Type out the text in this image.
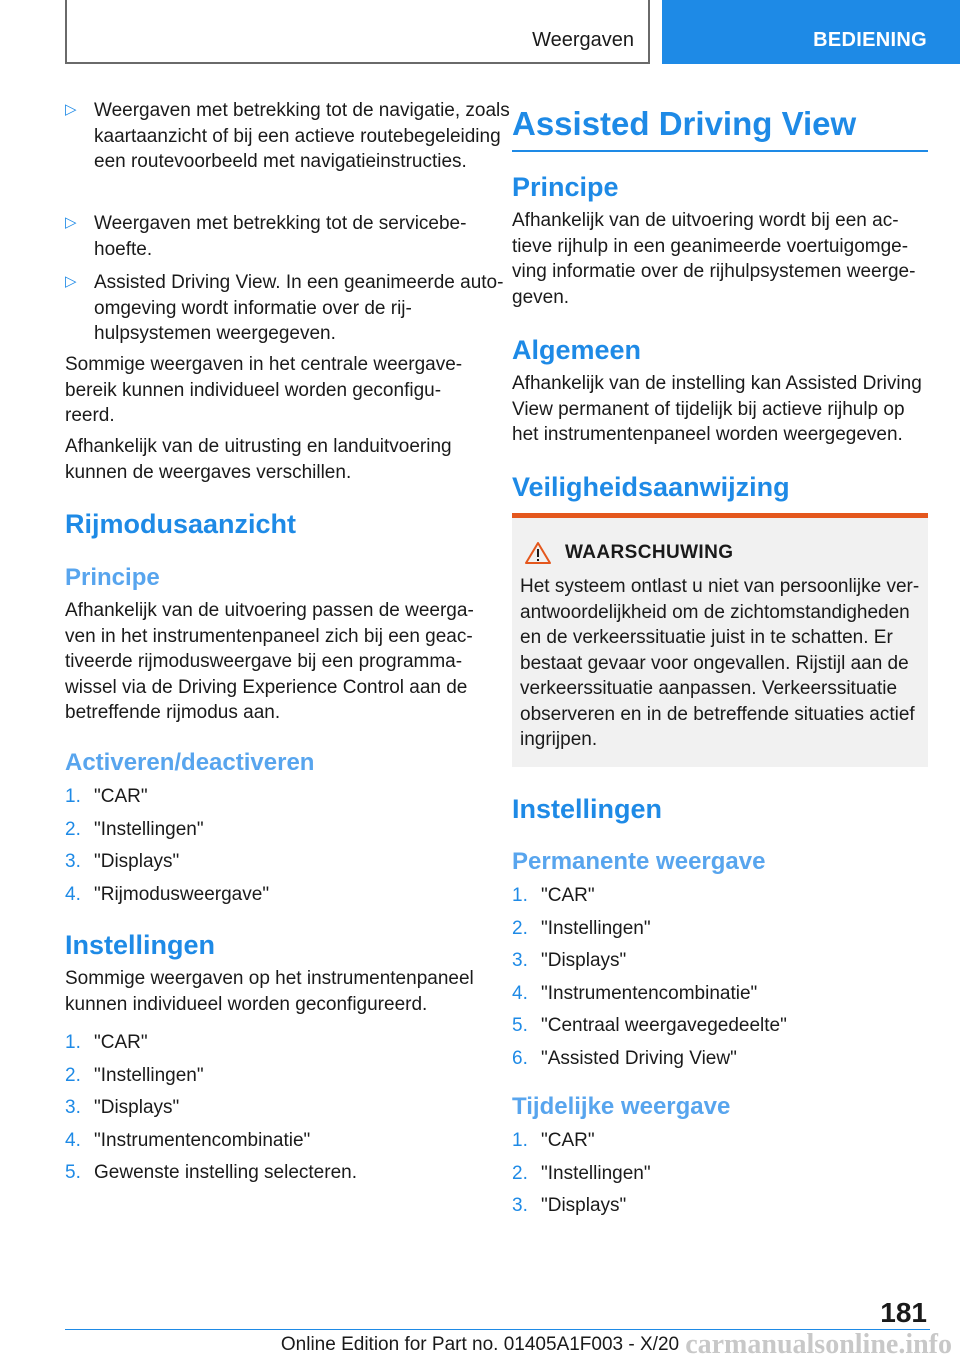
Weergaven	BEDIENING
▷ Weergaven met betrekking tot de navigatie, zoals kaartaanzicht of bij een actieve routebegeleiding een routevoorbeeld met navigatieinstructies.
▷ Weergaven met betrekking tot de servicebehoefte.
▷ Assisted Driving View. In een geanimeerde auto-omgeving wordt informatie over de rijhulpsystemen weergegeven.

Sommige weergaven in het centrale weergavebereik kunnen individueel worden geconfigureerd.

Afhankelijk van de uitrusting en landuitvoering kunnen de weergaves verschillen.

Rijmodusaanzicht
Principe

Afhankelijk van de uitvoering passen de weergaven in het instrumentenpaneel zich bij een geactiveerde rijmodusweergave bij een programmawissel via de Driving Experience Control aan de betreffende rijmodus aan.

Activeren/deactiveren
1. "CAR"
2. "Instellingen"
3. "Displays"
4. "Rijmodusweergave"
Instellingen

Sommige weergaven op het instrumentenpaneel kunnen individueel worden geconfigureerd.

1. "CAR"
2. "Instellingen"
3. "Displays"
4. "Instrumentencombinatie"
5. Gewenste instelling selecteren.
Assisted Driving View
Principe

Afhankelijk van de uitvoering wordt bij een actieve rijhulp in een geanimeerde voertuigomgeving informatie over de rijhulpsystemen weergegeven.

Algemeen

Afhankelijk van de instelling kan Assisted Driving View permanent of tijdelijk bij actieve rijhulp op het instrumentenpaneel worden weergegeven.

Veiligheidsaanwijzing
WAARSCHUWING

Het systeem ontlast u niet van persoonlijke verantwoordelijkheid om de zichtomstandigheden en de verkeerssituatie juist in te schatten. Er bestaat gevaar voor ongevallen. Rijstijl aan de verkeerssituatie aanpassen. Verkeerssituatie observeren en in de betreffende situaties actief ingrijpen.

Instellingen
Permanente weergave
1. "CAR"
2. "Instellingen"
3. "Displays"
4. "Instrumentencombinatie"
5. "Centraal weergavegedeelte"
6. "Assisted Driving View"
Tijdelijke weergave
1. "CAR"
2. "Instellingen"
3. "Displays"
181
carmanualsonline.info
Online Edition for Part no. 01405A1F003 - X/20
